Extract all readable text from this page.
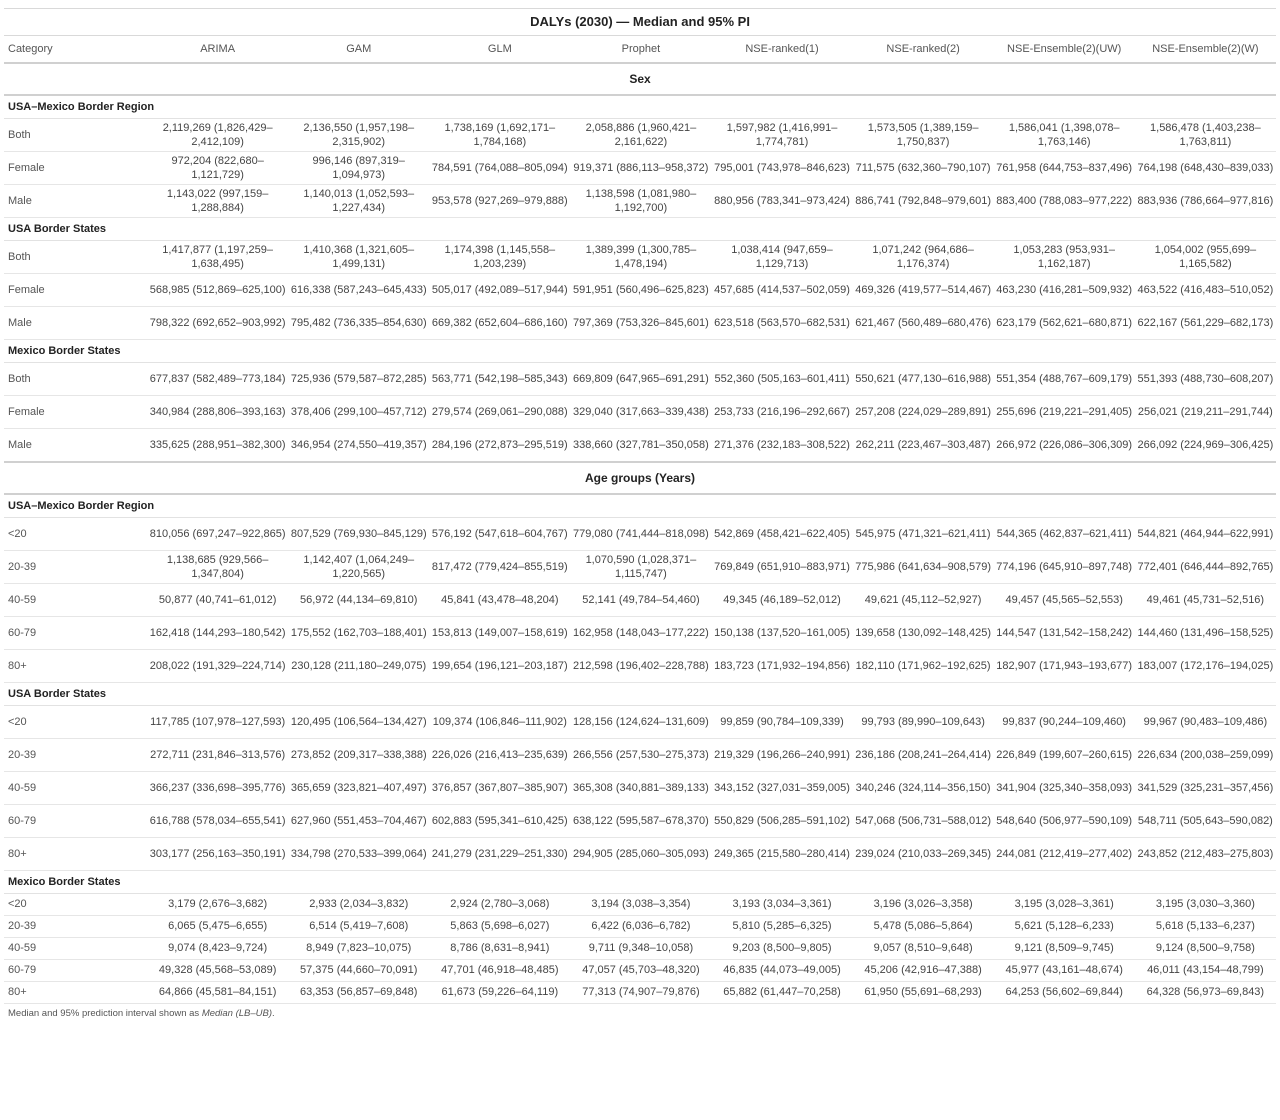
DALYs (2030) — Median and 95% PI								
Category	ARIMA	GAM	GLM	Prophet	NSE-ranked(1)	NSE-ranked(2)	NSE-Ensemble(2)(UW)	NSE-Ensemble(2)(W)
Sex								
USA–Mexico Border Region								
Both	2,119,269 (1,826,429–2,412,109)	2,136,550 (1,957,198–2,315,902)	1,738,169 (1,692,171–1,784,168)	2,058,886 (1,960,421–2,161,622)	1,597,982 (1,416,991–1,774,781)	1,573,505 (1,389,159–1,750,837)	1,586,041 (1,398,078–1,763,146)	1,586,478 (1,403,238–1,763,811)
Female	972,204 (822,680–1,121,729)	996,146 (897,319–1,094,973)	784,591 (764,088–805,094)	919,371 (886,113–958,372)	795,001 (743,978–846,623)	711,575 (632,360–790,107)	761,958 (644,753–837,496)	764,198 (648,430–839,033)
Male	1,143,022 (997,159–1,288,884)	1,140,013 (1,052,593–1,227,434)	953,578 (927,269–979,888)	1,138,598 (1,081,980–1,192,700)	880,956 (783,341–973,424)	886,741 (792,848–979,601)	883,400 (788,083–977,222)	883,936 (786,664–977,816)
USA Border States								
Both	1,417,877 (1,197,259–1,638,495)	1,410,368 (1,321,605–1,499,131)	1,174,398 (1,145,558–1,203,239)	1,389,399 (1,300,785–1,478,194)	1,038,414 (947,659–1,129,713)	1,071,242 (964,686–1,176,374)	1,053,283 (953,931–1,162,187)	1,054,002 (955,699–1,165,582)
Female	568,985 (512,869–625,100)	616,338 (587,243–645,433)	505,017 (492,089–517,944)	591,951 (560,496–625,823)	457,685 (414,537–502,059)	469,326 (419,577–514,467)	463,230 (416,281–509,932)	463,522 (416,483–510,052)
Male	798,322 (692,652–903,992)	795,482 (736,335–854,630)	669,382 (652,604–686,160)	797,369 (753,326–845,601)	623,518 (563,570–682,531)	621,467 (560,489–680,476)	623,179 (562,621–680,871)	622,167 (561,229–682,173)
Mexico Border States								
Both	677,837 (582,489–773,184)	725,936 (579,587–872,285)	563,771 (542,198–585,343)	669,809 (647,965–691,291)	552,360 (505,163–601,411)	550,621 (477,130–616,988)	551,354 (488,767–609,179)	551,393 (488,730–608,207)
Female	340,984 (288,806–393,163)	378,406 (299,100–457,712)	279,574 (269,061–290,088)	329,040 (317,663–339,438)	253,733 (216,196–292,667)	257,208 (224,029–289,891)	255,696 (219,221–291,405)	256,021 (219,211–291,744)
Male	335,625 (288,951–382,300)	346,954 (274,550–419,357)	284,196 (272,873–295,519)	338,660 (327,781–350,058)	271,376 (232,183–308,522)	262,211 (223,467–303,487)	266,972 (226,086–306,309)	266,092 (224,969–306,425)
Age groups (Years)								
USA–Mexico Border Region								
<20	810,056 (697,247–922,865)	807,529 (769,930–845,129)	576,192 (547,618–604,767)	779,080 (741,444–818,098)	542,869 (458,421–622,405)	545,975 (471,321–621,411)	544,365 (462,837–621,411)	544,821 (464,944–622,991)
20-39	1,138,685 (929,566–1,347,804)	1,142,407 (1,064,249–1,220,565)	817,472 (779,424–855,519)	1,070,590 (1,028,371–1,115,747)	769,849 (651,910–883,971)	775,986 (641,634–908,579)	774,196 (645,910–897,748)	772,401 (646,444–892,765)
40-59	50,877 (40,741–61,012)	56,972 (44,134–69,810)	45,841 (43,478–48,204)	52,141 (49,784–54,460)	49,345 (46,189–52,012)	49,621 (45,112–52,927)	49,457 (45,565–52,553)	49,461 (45,731–52,516)
60-79	162,418 (144,293–180,542)	175,552 (162,703–188,401)	153,813 (149,007–158,619)	162,958 (148,043–177,222)	150,138 (137,520–161,005)	139,658 (130,092–148,425)	144,547 (131,542–158,242)	144,460 (131,496–158,525)
80+	208,022 (191,329–224,714)	230,128 (211,180–249,075)	199,654 (196,121–203,187)	212,598 (196,402–228,788)	183,723 (171,932–194,856)	182,110 (171,962–192,625)	182,907 (171,943–193,677)	183,007 (172,176–194,025)
USA Border States								
<20	117,785 (107,978–127,593)	120,495 (106,564–134,427)	109,374 (106,846–111,902)	128,156 (124,624–131,609)	99,859 (90,784–109,339)	99,793 (89,990–109,643)	99,837 (90,244–109,460)	99,967 (90,483–109,486)
20-39	272,711 (231,846–313,576)	273,852 (209,317–338,388)	226,026 (216,413–235,639)	266,556 (257,530–275,373)	219,329 (196,266–240,991)	236,186 (208,241–264,414)	226,849 (199,607–260,615)	226,634 (200,038–259,099)
40-59	366,237 (336,698–395,776)	365,659 (323,821–407,497)	376,857 (367,807–385,907)	365,308 (340,881–389,133)	343,152 (327,031–359,005)	340,246 (324,114–356,150)	341,904 (325,340–358,093)	341,529 (325,231–357,456)
60-79	616,788 (578,034–655,541)	627,960 (551,453–704,467)	602,883 (595,341–610,425)	638,122 (595,587–678,370)	550,829 (506,285–591,102)	547,068 (506,731–588,012)	548,640 (506,977–590,109)	548,711 (505,643–590,082)
80+	303,177 (256,163–350,191)	334,798 (270,533–399,064)	241,279 (231,229–251,330)	294,905 (285,060–305,093)	249,365 (215,580–280,414)	239,024 (210,033–269,345)	244,081 (212,419–277,402)	243,852 (212,483–275,803)
Mexico Border States								
<20	3,179 (2,676–3,682)	2,933 (2,034–3,832)	2,924 (2,780–3,068)	3,194 (3,038–3,354)	3,193 (3,034–3,361)	3,196 (3,026–3,358)	3,195 (3,028–3,361)	3,195 (3,030–3,360)
20-39	6,065 (5,475–6,655)	6,514 (5,419–7,608)	5,863 (5,698–6,027)	6,422 (6,036–6,782)	5,810 (5,285–6,325)	5,478 (5,086–5,864)	5,621 (5,128–6,233)	5,618 (5,133–6,237)
40-59	9,074 (8,423–9,724)	8,949 (7,823–10,075)	8,786 (8,631–8,941)	9,711 (9,348–10,058)	9,203 (8,500–9,805)	9,057 (8,510–9,648)	9,121 (8,509–9,745)	9,124 (8,500–9,758)
60-79	49,328 (45,568–53,089)	57,375 (44,660–70,091)	47,701 (46,918–48,485)	47,057 (45,703–48,320)	46,835 (44,073–49,005)	45,206 (42,916–47,388)	45,977 (43,161–48,674)	46,011 (43,154–48,799)
80+	64,866 (45,581–84,151)	63,353 (56,857–69,848)	61,673 (59,226–64,119)	77,313 (74,907–79,876)	65,882 (61,447–70,258)	61,950 (55,691–68,293)	64,253 (56,602–69,844)	64,328 (56,973–69,843)
Median and 95% prediction interval shown as Median (LB–UB).
